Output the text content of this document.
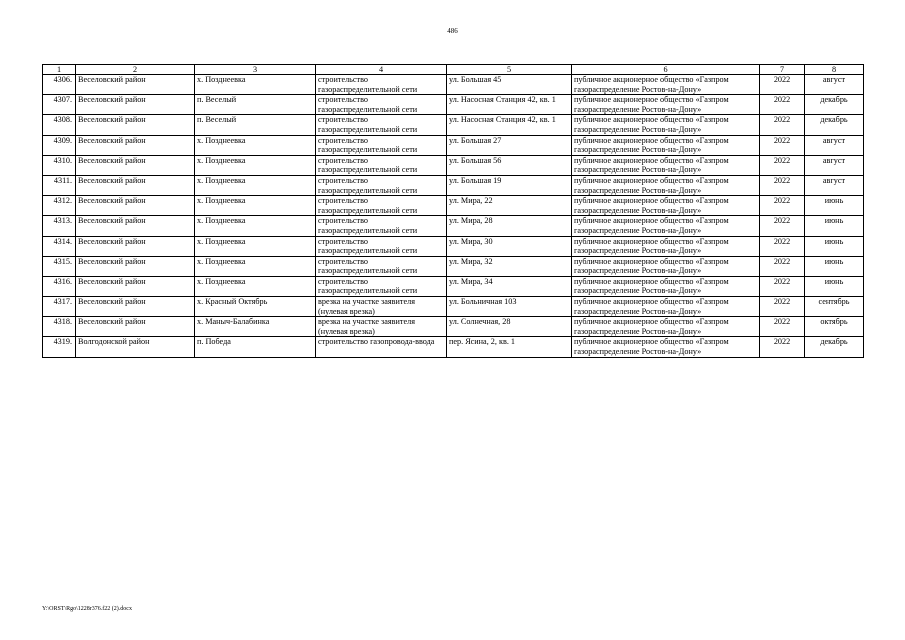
486
1	2	3	4	5	6	7	8
4306.	Веселовский район	х. Позднеевка	строительство газораспределительной сети	ул. Большая 45	публичное акционерное общество «Газпром газораспределение Ростов-на-Дону»	2022	август
4307.	Веселовский район	п. Веселый	строительство газораспределительной сети	ул. Насосная Станция 42, кв. 1	публичное акционерное общество «Газпром газораспределение Ростов-на-Дону»	2022	декабрь
4308.	Веселовский район	п. Веселый	строительство газораспределительной сети	ул. Насосная Станция 42, кв. 1	публичное акционерное общество «Газпром газораспределение Ростов-на-Дону»	2022	декабрь
4309.	Веселовский район	х. Позднеевка	строительство газораспределительной сети	ул. Большая 27	публичное акционерное общество «Газпром газораспределение Ростов-на-Дону»	2022	август
4310.	Веселовский район	х. Позднеевка	строительство газораспределительной сети	ул. Большая 56	публичное акционерное общество «Газпром газораспределение Ростов-на-Дону»	2022	август
4311.	Веселовский район	х. Позднеевка	строительство газораспределительной сети	ул. Большая 19	публичное акционерное общество «Газпром газораспределение Ростов-на-Дону»	2022	август
4312.	Веселовский район	х. Позднеевка	строительство газораспределительной сети	ул. Мира, 22	публичное акционерное общество «Газпром газораспределение Ростов-на-Дону»	2022	июнь
4313.	Веселовский район	х. Позднеевка	строительство газораспределительной сети	ул. Мира, 28	публичное акционерное общество «Газпром газораспределение Ростов-на-Дону»	2022	июнь
4314.	Веселовский район	х. Позднеевка	строительство газораспределительной сети	ул. Мира, 30	публичное акционерное общество «Газпром газораспределение Ростов-на-Дону»	2022	июнь
4315.	Веселовский район	х. Позднеевка	строительство газораспределительной сети	ул. Мира, 32	публичное акционерное общество «Газпром газораспределение Ростов-на-Дону»	2022	июнь
4316.	Веселовский район	х. Позднеевка	строительство газораспределительной сети	ул. Мира, 34	публичное акционерное общество «Газпром газораспределение Ростов-на-Дону»	2022	июнь
4317.	Веселовский район	х. Красный Октябрь	врезка на участке заявителя (нулевая врезка)	ул. Больничная 103	публичное акционерное общество «Газпром газораспределение Ростов-на-Дону»	2022	сентябрь
4318.	Веселовский район	х. Маныч-Балабинка	врезка на участке заявителя (нулевая врезка)	ул. Солнечная, 28	публичное акционерное общество «Газпром газораспределение Ростов-на-Дону»	2022	октябрь
4319.	Волгодонской район	п. Победа	строительство газопровода-ввода	пер. Ясина, 2, кв. 1	публичное акционерное общество «Газпром газораспределение Ростов-на-Дону»	2022	декабрь
Y:\ORST\Rgo\1228r376.f22 (2).docx
